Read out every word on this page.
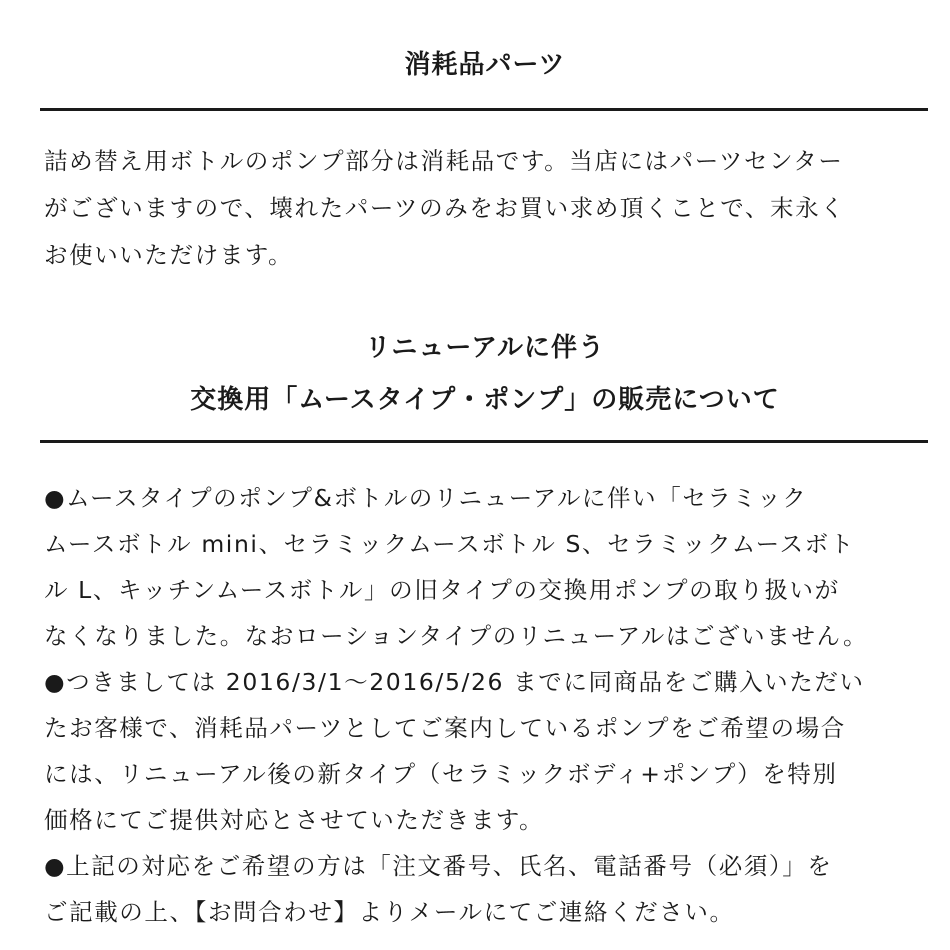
消耗品パーツ
詰め替え用ボトルのポンプ部分は消耗品です。当店にはパーツセンター
がございますので、壊れたパーツのみをお買い求め頂くことで、末永く
お使いいただけます。
リニューアルに伴う
交換用「ムースタイプ・ポンプ」の販売について
●ムースタイプのポンプ&ボトルのリニューアルに伴い「セラミック
ムースボトル mini、セラミックムースボトル S、セラミックムースボト
ル L、キッチンムースボトル」の旧タイプの交換用ポンプの取り扱いが
なくなりました。なおローションタイプのリニューアルはございません。
●つきましては 2016/3/1～2016/5/26 までに同商品をご購入いただい
たお客様で、消耗品パーツとしてご案内しているポンプをご希望の場合
には、リニューアル後の新タイプ（セラミックボディ+ポンプ）を特別
価格にてご提供対応とさせていただきます。
●上記の対応をご希望の方は「注文番号、氏名、電話番号（必須）」を
ご記載の上、【お問合わせ】よりメールにてご連絡ください。
